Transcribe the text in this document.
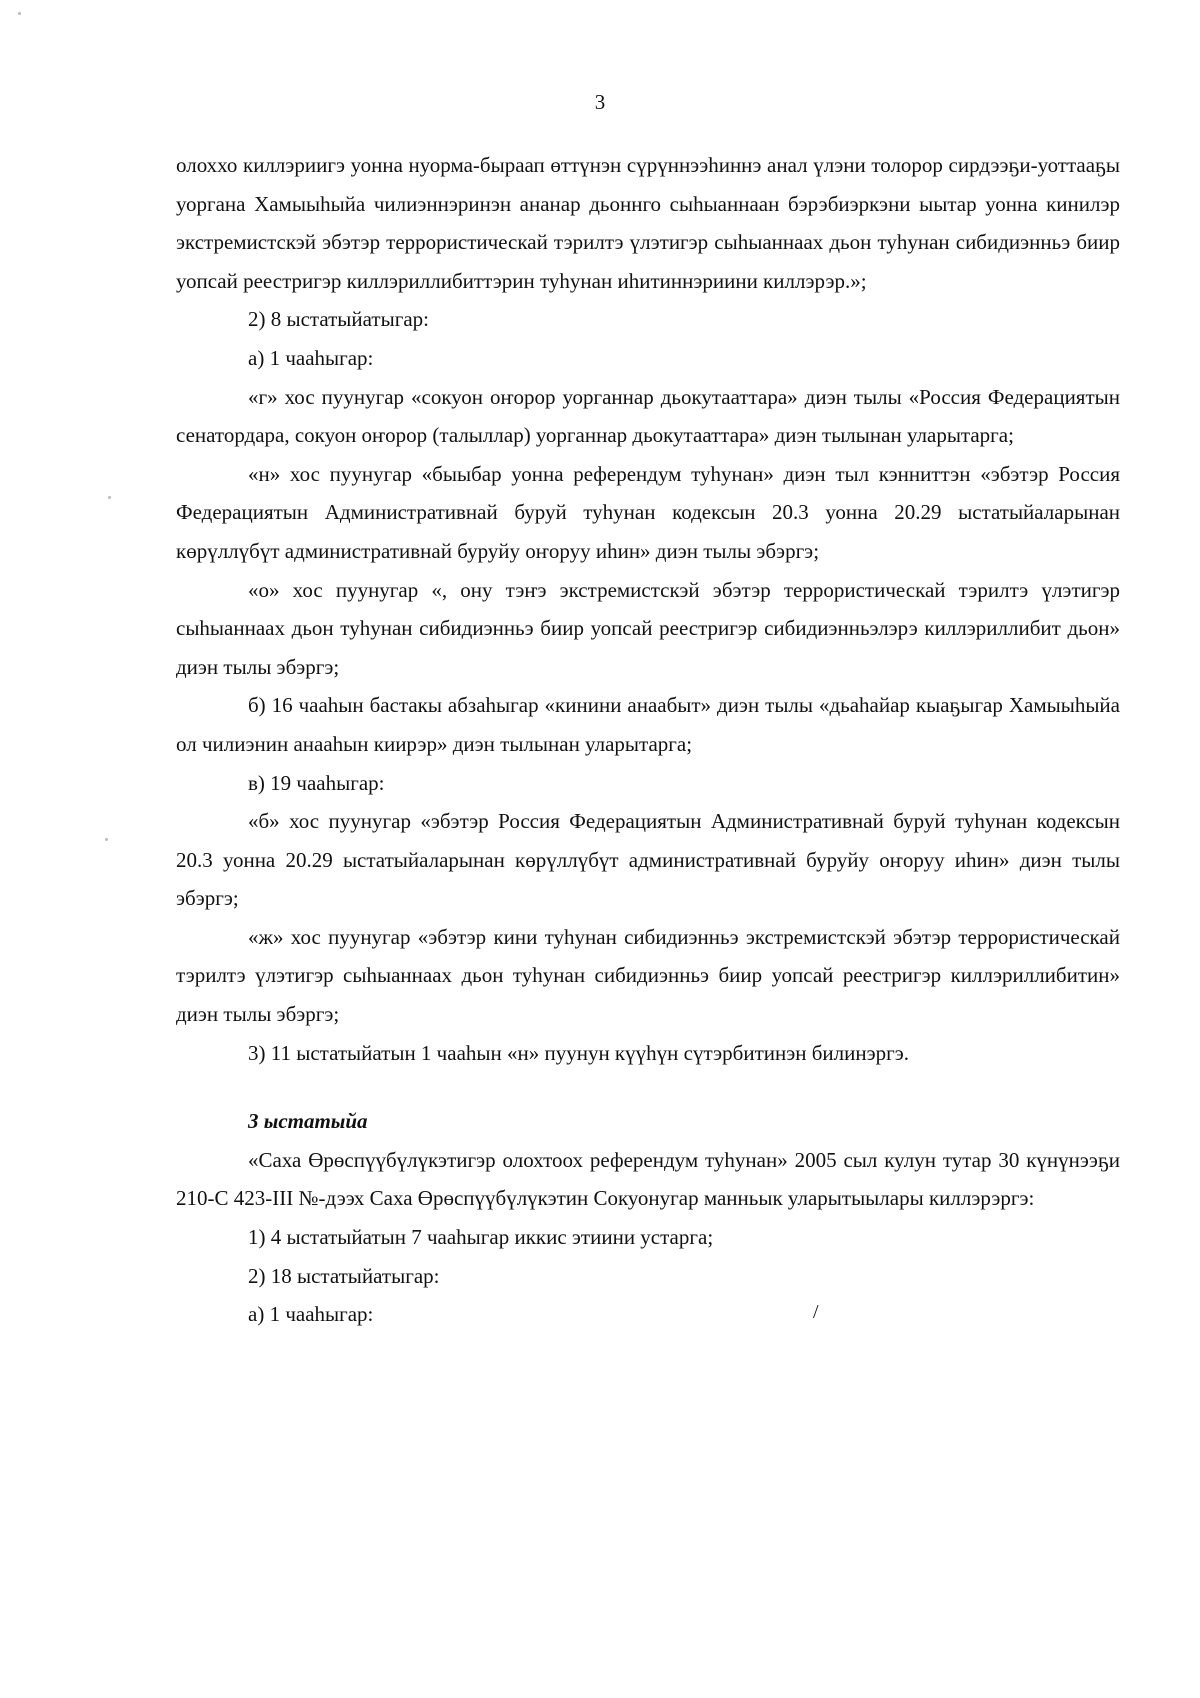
3

олоххо киллэриигэ уонна нуорма-быраап өттүнэн сүрүннээһиннэ анал үлэни толорор сирдээҕи-уоттааҕы уоргана Хамыыһыйа чилиэннэринэн ананар дьоннго сыһыаннаан бэрэбиэркэни ыытар уонна кинилэр экстремистскэй эбэтэр террористическай тэрилтэ үлэтигэр сыһыаннаах дьон туһунан сибидиэнньэ биир уопсай реестригэр киллэриллибиттэрин туһунан иһитиннэриини киллэрэр.»;

2) 8 ыстатыйатыгар:

а) 1 чааһыгар:

«г» хос пуунугар «сокуон оҥорор уорганнар дьокутааттара» диэн тылы «Россия Федерациятын сенатордара, сокуон оҥорор (талыллар) уорганнар дьокутааттара» диэн тылынан уларытарга;

«н» хос пуунугар «быыбар уонна референдум туһунан» диэн тыл кэнниттэн «эбэтэр Россия Федерациятын Административнай буруй туһунан кодексын 20.3 уонна 20.29 ыстатыйаларынан көрүллүбүт административнай буруйу оҥоруу иһин» диэн тылы эбэргэ;

«о» хос пуунугар «, ону тэҥэ экстремистскэй эбэтэр террористическай тэрилтэ үлэтигэр сыһыаннаах дьон туһунан сибидиэнньэ биир уопсай реестригэр сибидиэнньэлэрэ киллэриллибит дьон» диэн тылы эбэргэ;

б) 16 чааһын бастакы абзаһыгар «кинини анаабыт» диэн тылы «дьаһайар кыаҕыгар Хамыыһыйа ол чилиэнин анааһын киирэр» диэн тылынан уларытарга;

в) 19 чааһыгар:

«б» хос пуунугар «эбэтэр Россия Федерациятын Административнай буруй туһунан кодексын 20.3 уонна 20.29 ыстатыйаларынан көрүллүбүт административнай буруйу оҥоруу иһин» диэн тылы эбэргэ;

«ж» хос пуунугар «эбэтэр кини туһунан сибидиэнньэ экстремистскэй эбэтэр террористическай тэрилтэ үлэтигэр сыһыаннаах дьон туһунан сибидиэнньэ биир уопсай реестригэр киллэриллибитин» диэн тылы эбэргэ;

3) 11 ыстатыйатын 1 чааһын «н» пуунун күүһүн сүтэрбитинэн билинэргэ.

3 ыстатыйа

«Саха Өрөспүүбүлүкэтигэр олохтоох референдум туһунан» 2005 сыл кулун тутар 30 күнүнээҕи 210-С 423-III №-дээх Саха Өрөспүүбүлүкэтин Сокуонугар манньык уларытыылары киллэрэргэ:

1) 4 ыстатыйатын 7 чааһыгар иккис этиини устарга;

2) 18 ыстатыйатыгар:

а) 1 чааһыгар:	/
